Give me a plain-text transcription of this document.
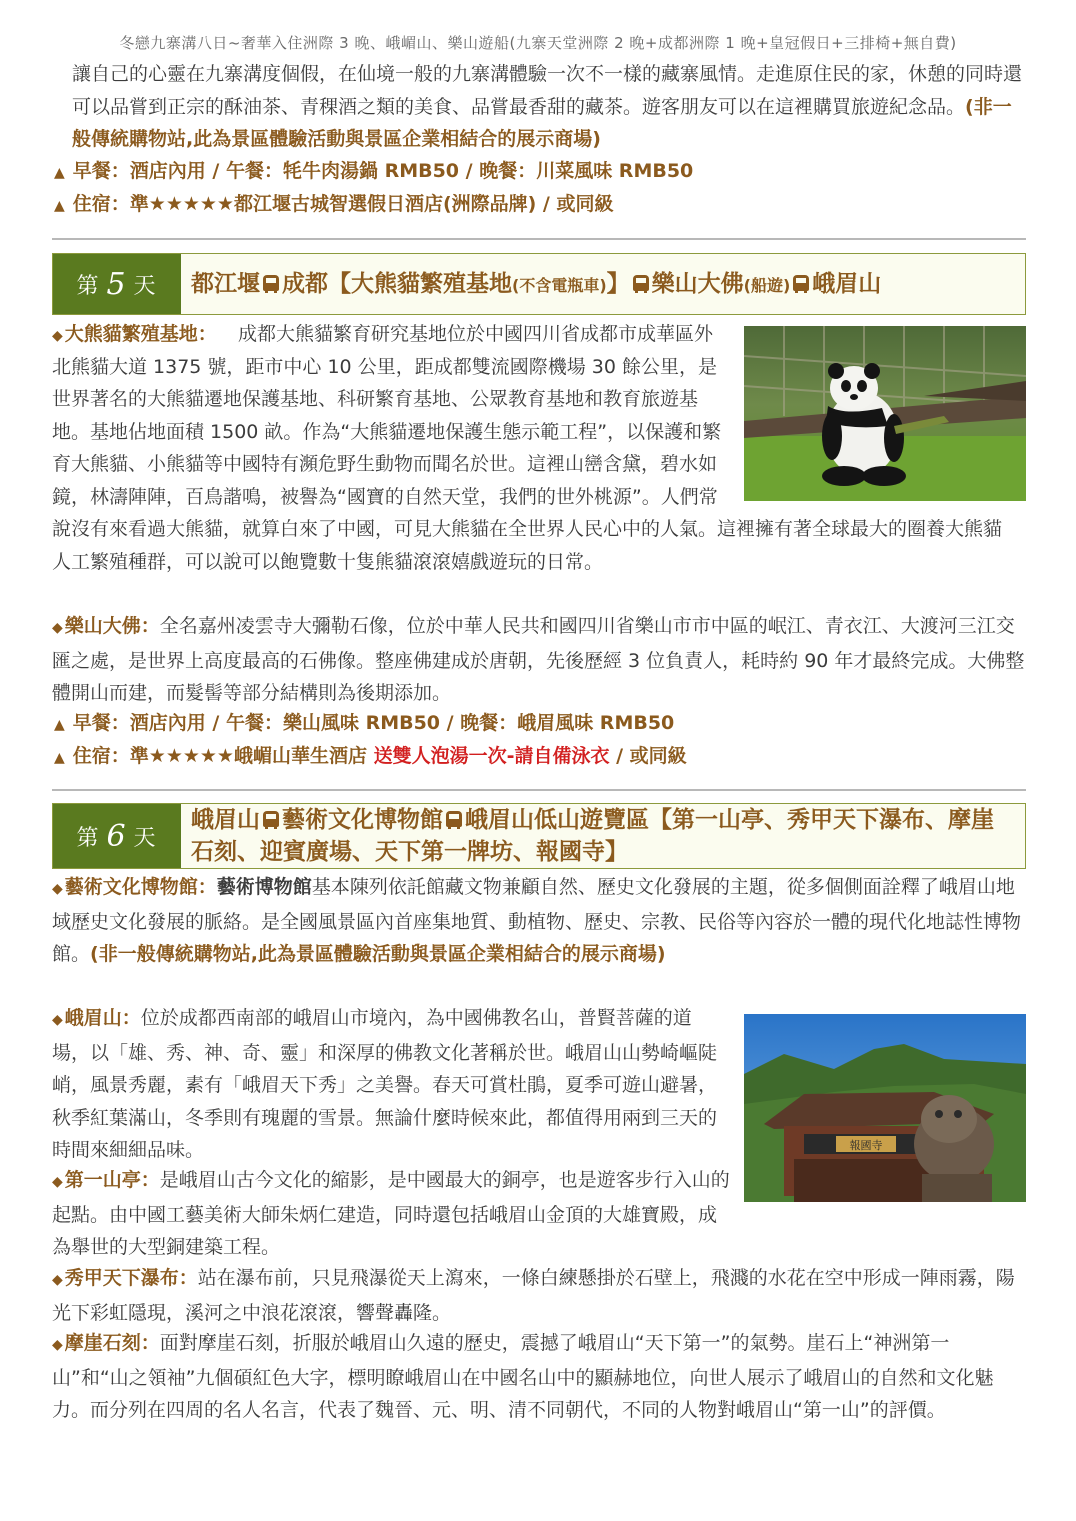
冬戀九寨溝八日~奢華入住洲際 3 晚、峨嵋山、樂山遊船(九寨天堂洲際 2 晚+成都洲際 1 晚+皇冠假日+三排椅+無自費)
讓自己的心靈在九寨溝度個假，在仙境一般的九寨溝體驗一次不一樣的藏寨風情。走進原住民的家，休憩的同時還可以品嘗到正宗的酥油茶、青稞酒之類的美食、品嘗最香甜的藏茶。遊客朋友可以在這裡購買旅遊紀念品。(非一般傳統購物站,此為景區體驗活動與景區企業相結合的展示商場)
▲ 早餐：酒店內用 / 午餐：牦牛肉湯鍋 RMB50 / 晚餐：川菜風味 RMB50
▲ 住宿：準★★★★★都江堰古城智選假日酒店(洲際品牌) / 或同級
第 5 天 都江堰 成都【大熊貓繁殖基地(不含電瓶車)】 樂山大佛(船遊) 峨眉山
◆ 大熊貓繁殖基地：	成都大熊貓繁育研究基地位於中國四川省成都市成華區外北熊貓大道 1375 號，距市中心 10 公里，距成都雙流國際機場 30 餘公里，是世界著名的大熊貓遷地保護基地、科研繁育基地、公眾教育基地和教育旅遊基地。基地佔地面積 1500 畝。作為“大熊貓遷地保護生態示範工程”，以保護和繁育大熊貓、小熊貓等中國特有瀕危野生動物而聞名於世。這裡山巒含黛，碧水如鏡，林濤陣陣，百鳥諧鳴，被譽為“國寶的自然天堂，我們的世外桃源”。人們常說沒有來看過大熊貓，就算白來了中國，可見大熊貓在全世界人民心中的人氣。這裡擁有著全球最大的圈養大熊貓人工繁殖種群，可以說可以飽覽數十隻熊貓滾滾嬉戲遊玩的日常。
◆ 樂山大佛：全名嘉州凌雲寺大彌勒石像，位於中華人民共和國四川省樂山市市中區的岷江、青衣江、大渡河三江交匯之處，是世界上高度最高的石佛像。整座佛建成於唐朝，先後歷經 3 位負責人，耗時約 90 年才最終完成。大佛整體開山而建，而髮髻等部分結構則為後期添加。
▲ 早餐：酒店內用 / 午餐：樂山風味 RMB50 / 晚餐：峨眉風味 RMB50
▲ 住宿：準★★★★★峨嵋山華生酒店 送雙人泡湯一次-請自備泳衣 / 或同級
第 6 天
峨眉山 藝術文化博物館 峨眉山低山遊覽區【第一山亭、秀甲天下瀑布、摩崖石刻、迎賓廣場、天下第一牌坊、報國寺】
◆ 藝術文化博物館：藝術博物館基本陳列依託館藏文物兼顧自然、歷史文化發展的主題，從多個側面詮釋了峨眉山地域歷史文化發展的脈絡。是全國風景區內首座集地質、動植物、歷史、宗教、民俗等內容於一體的現代化地誌性博物館。(非一般傳統購物站,此為景區體驗活動與景區企業相結合的展示商場)
報國寺
◆ 峨眉山：位於成都西南部的峨眉山市境內，為中國佛教名山，普賢菩薩的道場，以「雄、秀、神、奇、靈」和深厚的佛教文化著稱於世。峨眉山山勢崎嶇陡峭，風景秀麗，素有「峨眉天下秀」之美譽。春天可賞杜鵑，夏季可遊山避暑，秋季紅葉滿山，冬季則有瑰麗的雪景。無論什麼時候來此，都值得用兩到三天的時間來細細品味。
◆ 第一山亭：是峨眉山古今文化的縮影，是中國最大的銅亭，也是遊客步行入山的起點。由中國工藝美術大師朱炳仁建造，同時還包括峨眉山金頂的大雄寶殿，成為舉世的大型銅建築工程。
◆ 秀甲天下瀑布：站在瀑布前，只見飛瀑從天上瀉來，一條白練懸掛於石壁上，飛濺的水花在空中形成一陣雨霧，陽光下彩虹隱現，溪河之中浪花滾滾，響聲轟隆。
◆ 摩崖石刻：面對摩崖石刻，折服於峨眉山久遠的歷史，震撼了峨眉山“天下第一”的氣勢。崖石上“神洲第一山”和“山之領袖”九個碩紅色大字，標明瞭峨眉山在中國名山中的顯赫地位，向世人展示了峨眉山的自然和文化魅力。而分列在四周的名人名言，代表了魏晉、元、明、清不同朝代，不同的人物對峨眉山“第一山”的評價。
